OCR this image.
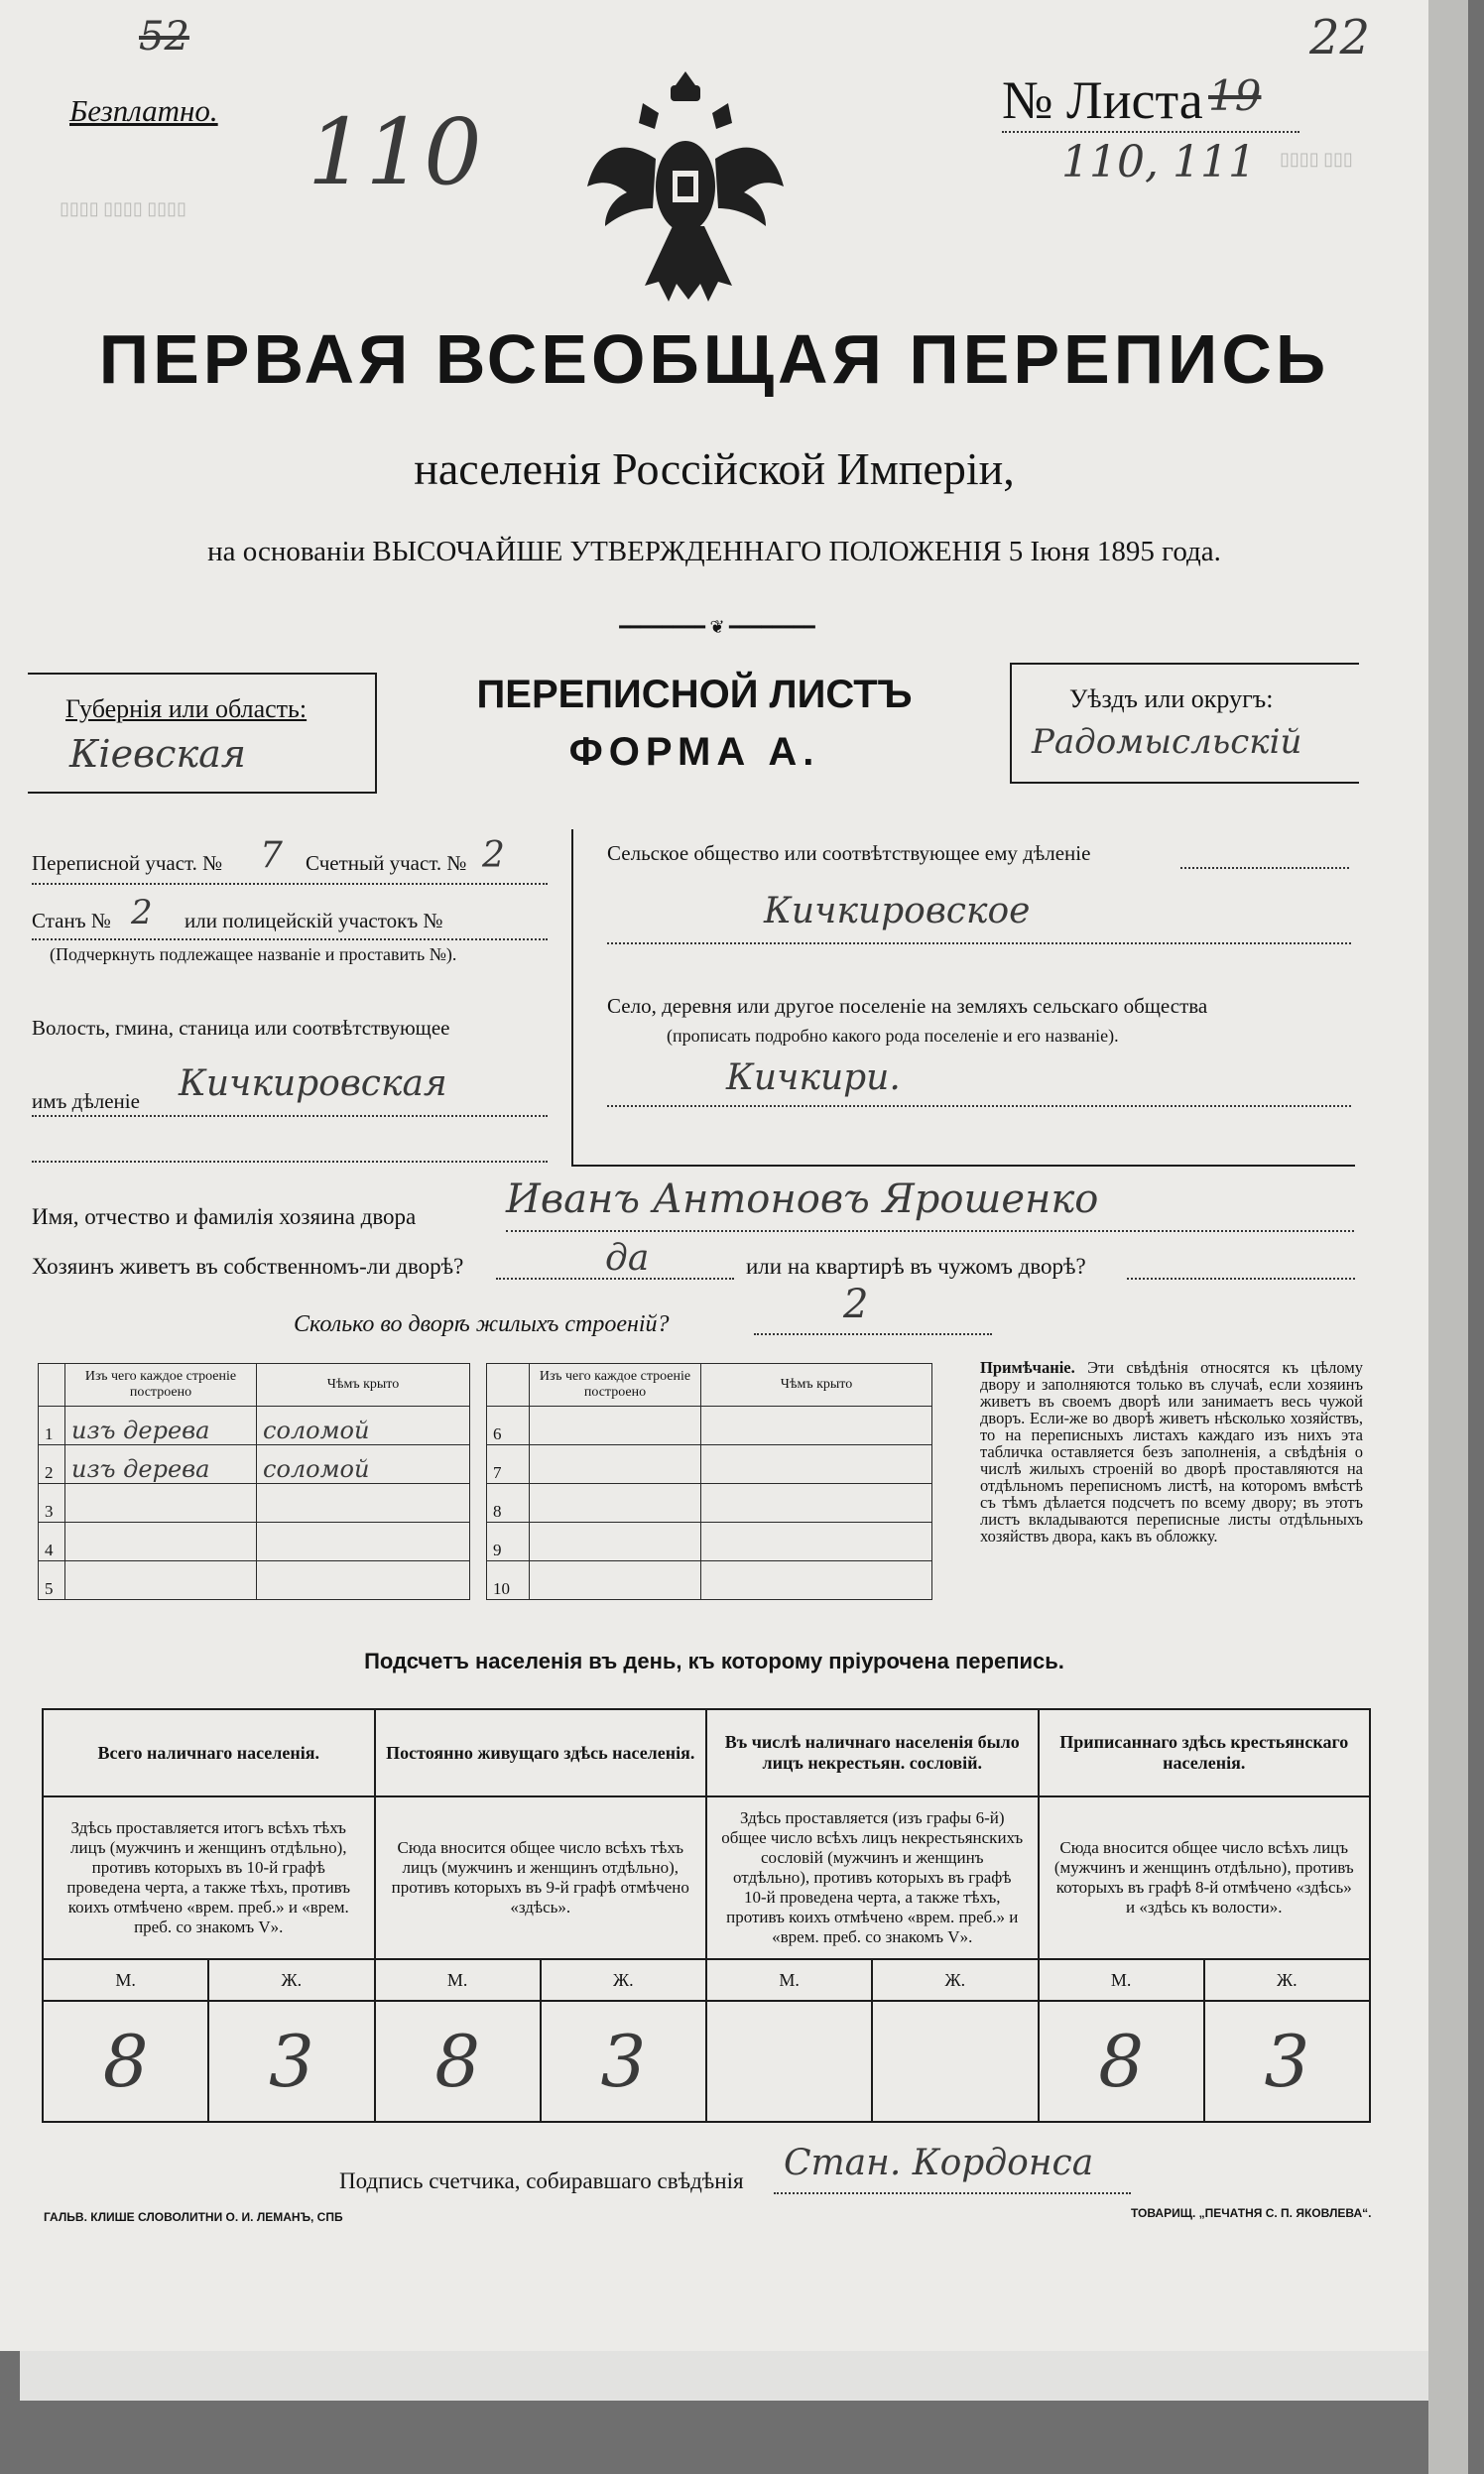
▯▯▯▯ ▯▯▯▯ ▯▯▯▯
▯▯▯▯ ▯▯▯
52	22
110
Безплатно.	№ Листа 19
110, 111
ПЕРВАЯ ВСЕОБЩАЯ ПЕРЕПИСЬ
населенія Россійской Имперіи,
на основаніи ВЫСОЧАЙШЕ УТВЕРЖДЕННАГО ПОЛОЖЕНІЯ 5 Іюня 1895 года.
━━━━━━━━ ❦ ━━━━━━━━
Губернія или область:
Кіевская
ПЕРЕПИСНОЙ ЛИСТЪ
ФОРМА А.
Уѣздъ или округъ:
Радомысльскій
Переписной участ. № 7 Счетный участ. № 2
Станъ № 2 или полицейскій участокъ №
(Подчеркнуть подлежащее названіе и проставить №).
Волость, гмина, станица или соотвѣтствующее
имъ дѣленіе Кичкировская
Сельское общество или соотвѣтствующее ему дѣленіе
Кичкировское
Село, деревня или другое поселеніе на земляхъ сельскаго общества
(прописать подробно какого рода поселеніе и его названіе).
Кичкири.
Имя, отчество и фамилія хозяина двора Иванъ Антоновъ Ярошенко
Хозяинъ живетъ въ собственномъ-ли дворѣ?	да	или на квартирѣ въ чужомъ дворѣ?
Сколько во дворѣ жилыхъ строеній?	2
	Изъ чего каждое строеніе построено	Чѣмъ крыто
1	изъ дерева	соломой
2	изъ дерева	соломой
3		
4		
5		
	Изъ чего каждое строеніе построено	Чѣмъ крыто
6		
7		
8		
9		
10		
Примѣчаніе. Эти свѣдѣнія относятся къ цѣлому двору и заполняются только въ случаѣ, если хозяинъ живетъ въ своемъ дворѣ или занимаетъ весь чужой дворъ. Если-же во дворѣ живетъ нѣсколько хозяйствъ, то на переписныхъ листахъ каждаго изъ нихъ эта табличка оставляется безъ заполненія, а свѣдѣнія о числѣ жилыхъ строеній во дворѣ проставляются на отдѣльномъ переписномъ листѣ, на которомъ вмѣстѣ съ тѣмъ дѣлается подсчетъ по всему двору; въ этотъ листъ вкладываются переписные листы отдѣльныхъ хозяйствъ двора, какъ въ обложку.
Подсчетъ населенія въ день, къ которому пріурочена перепись.
Всего наличнаго населенія.		Постоянно живущаго здѣсь населенія.		Въ числѣ наличнаго населенія было лицъ некрестьян. сословій.		Приписаннаго здѣсь крестьянскаго населенія.	
Здѣсь проставляется итогъ всѣхъ тѣхъ лицъ (мужчинъ и женщинъ отдѣльно), противъ которыхъ въ 10-й графѣ проведена черта, а также тѣхъ, противъ коихъ отмѣчено «врем. преб.» и «врем. преб. со знакомъ V».		Сюда вносится общее число всѣхъ тѣхъ лицъ (мужчинъ и женщинъ отдѣльно), противъ которыхъ въ 9-й графѣ отмѣчено «здѣсь».		Здѣсь проставляется (изъ графы 6-й) общее число всѣхъ лицъ некрестьянскихъ сословій (мужчинъ и женщинъ отдѣльно), противъ которыхъ въ графѣ 10-й проведена черта, а также тѣхъ, противъ коихъ отмѣчено «врем. преб.» и «врем. преб. со знакомъ V».		Сюда вносится общее число всѣхъ лицъ (мужчинъ и женщинъ отдѣльно), противъ которыхъ въ графѣ 8-й отмѣчено «здѣсь» и «здѣсь къ волости».	
М.	Ж.	М.	Ж.	М.	Ж.	М.	Ж.
8	3	8	3			8	3
Подпись счетчика, собиравшаго свѣдѣнія Стан. Кордонса
ГАЛЬВ. КЛИШЕ СЛОВОЛИТНИ О. И. ЛЕМАНЪ, СПБ	ТОВАРИЩ. „ПЕЧАТНЯ С. П. ЯКОВЛЕВА“.
